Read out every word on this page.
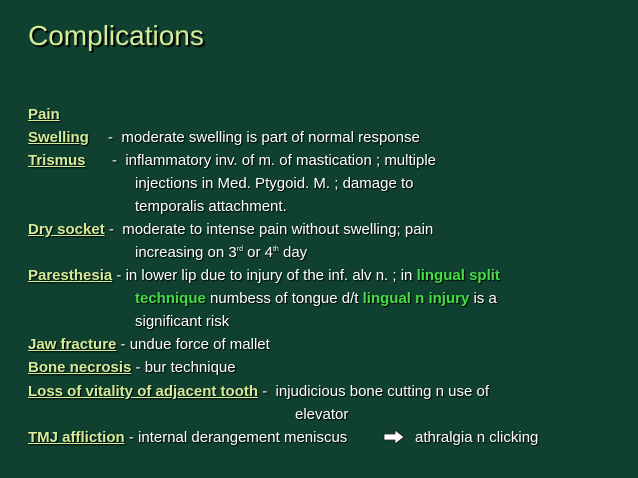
Complications
Pain
Swelling -  moderate swelling is part of normal response
Trismus -  inflammatory inv. of m. of mastication ; multiple
injections in Med. Ptygoid. M. ; damage to
temporalis attachment.
Dry socket -  moderate to intense pain without swelling; pain
increasing on 3rd or 4th day
Paresthesia - in lower lip due to injury of the inf. alv n. ; in lingual split
technique numbess of tongue d/t lingual n injury is a
significant risk
Jaw fracture - undue force of mallet
Bone necrosis - bur technique
Loss of vitality of adjacent tooth -  injudicious bone cutting n use of
elevator
TMJ affliction - internal derangement meniscus	athralgia n clicking
